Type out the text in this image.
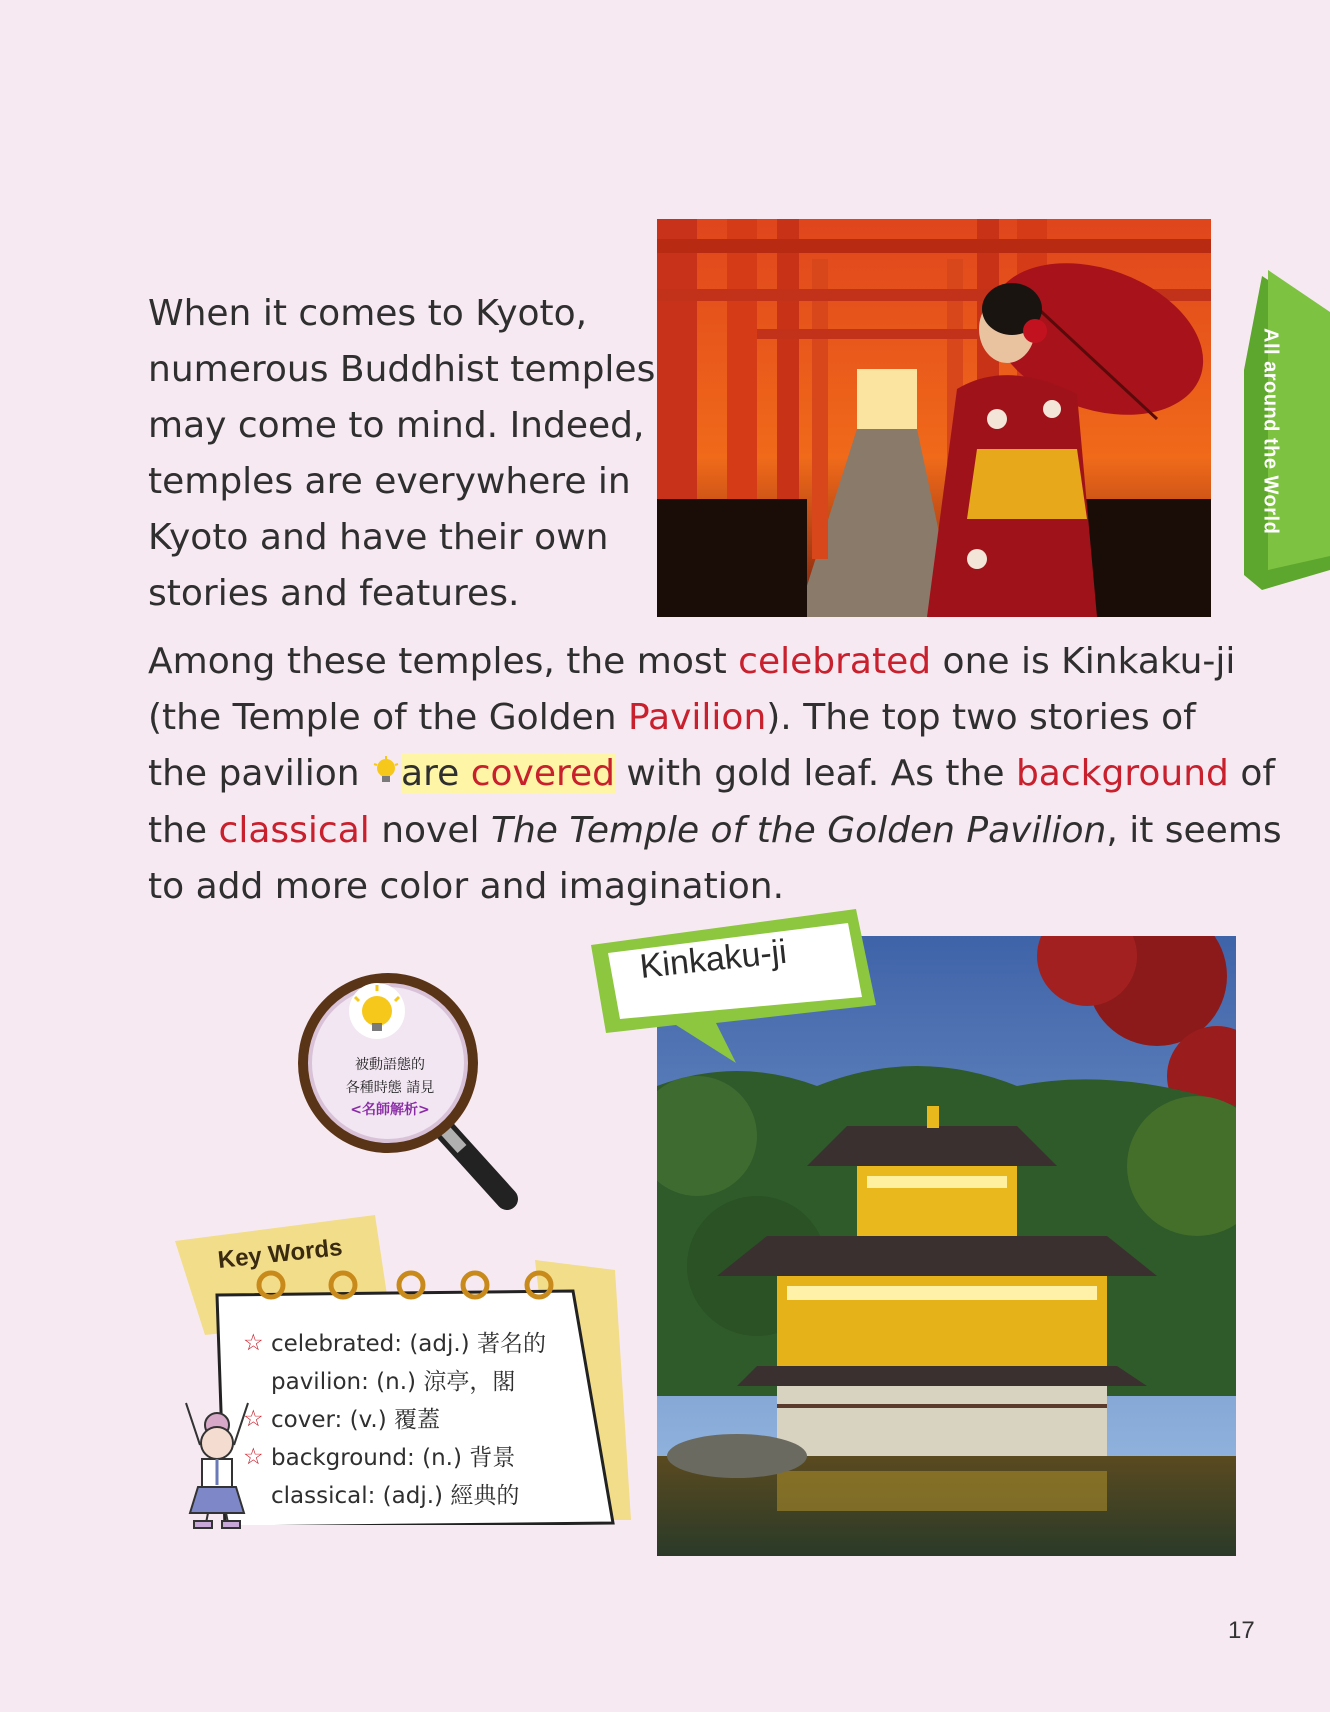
When it comes to Kyoto,
numerous Buddhist temples
may come to mind. Indeed,
temples are everywhere in
Kyoto and have their own
stories and features.
All around the World
Among these temples, the most celebrated one is Kinkaku-ji
(the Temple of the Golden Pavilion). The top two stories of
the pavilion are covered with gold leaf. As the background of
the classical novel The Temple of the Golden Pavilion, it seems
to add more color and imagination.
Kinkaku-ji
被動語態的
各種時態 請見
<名師解析>
Key Words
☆ celebrated: (adj.) 著名的
pavilion: (n.) 涼亭，閣
☆ cover: (v.) 覆蓋
☆ background: (n.) 背景
classical: (adj.) 經典的
17
